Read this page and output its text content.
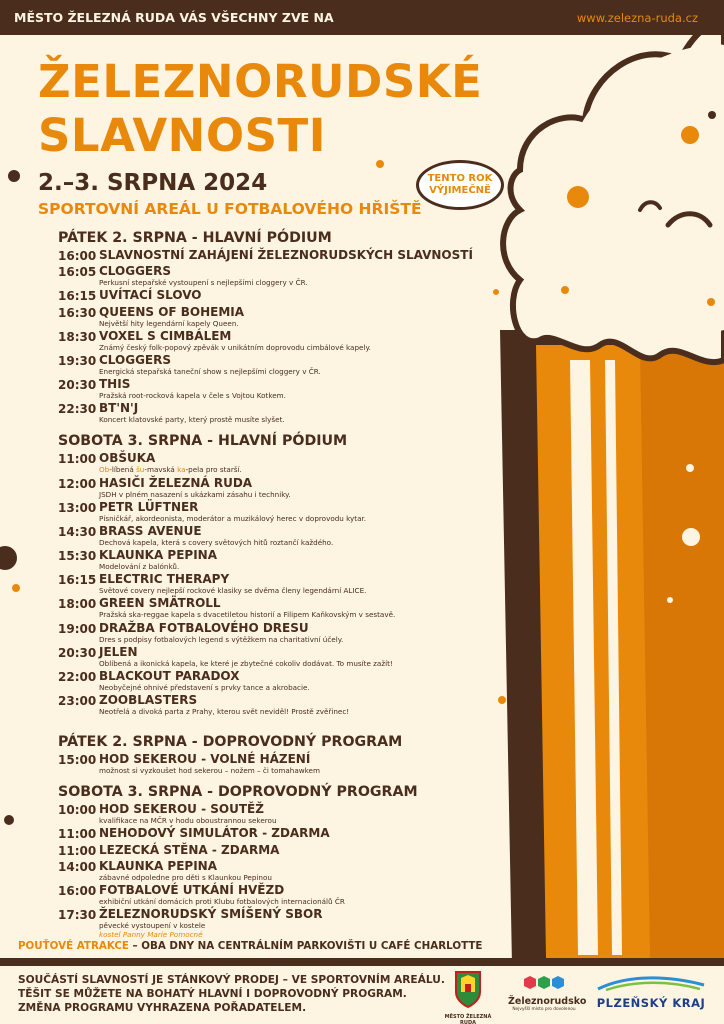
MĚSTO ŽELEZNÁ RUDA VÁS VŠECHNY ZVE NA	www.zelezna-ruda.cz
ŽELEZNORUDSKÉ
SLAVNOSTI
2.–3. SRPNA 2024
SPORTOVNÍ AREÁL U FOTBALOVÉHO HŘIŠTĚ
TENTO ROK
VÝJIMEČNĚ
PÁTEK 2. SRPNA - HLAVNÍ PÓDIUM
16:00 SLAVNOSTNÍ ZAHÁJENÍ ŽELEZNORUDSKÝCH SLAVNOSTÍ
16:05 CLOGGERS
Perkusní stepařské vystoupení s nejlepšími cloggery v ČR.
16:15 UVÍTACÍ SLOVO
16:30 QUEENS OF BOHEMIA
Největší hity legendární kapely Queen.
18:30 VOXEL S CIMBÁLEM
Známý český folk-popový zpěvák v unikátním doprovodu cimbálové kapely.
19:30 CLOGGERS
Energická stepařská taneční show s nejlepšími cloggery v ČR.
20:30 THIS
Pražská root-rocková kapela v čele s Vojtou Kotkem.
22:30 BT'N'J
Koncert klatovské party, který prostě musíte slyšet.
SOBOTA 3. SRPNA - HLAVNÍ PÓDIUM
11:00 OBŠUKA
Ob-líbená šu-mavská ka-pela pro starší.
12:00 HASIČI ŽELEZNÁ RUDA
JSDH v plném nasazení s ukázkami zásahu i techniky.
13:00 PETR LÜFTNER
Písničkář, akordeonista, moderátor a muzikálový herec v doprovodu kytar.
14:30 BRASS AVENUE
Dechová kapela, která s covery světových hitů roztančí každého.
15:30 KLAUNKA PEPINA
Modelování z balónků.
16:15 ELECTRIC THERAPY
Světové covery nejlepší rockové klasiky se dvěma členy legendární ALICE.
18:00 GREEN SMÄTROLL
Pražská ska-reggae kapela s dvacetiletou historií a Filipem Kaňkovským v sestavě.
19:00 DRAŽBA FOTBALOVÉHO DRESU
Dres s podpisy fotbalových legend s výtěžkem na charitativní účely.
20:30 JELEN
Oblíbená a ikonická kapela, ke které je zbytečné cokoliv dodávat. To musíte zažít!
22:00 BLACKOUT PARADOX
Neobyčejné ohnivé představení s prvky tance a akrobacie.
23:00 ZOOBLASTERS
Neotřelá a divoká parta z Prahy, kterou svět neviděl! Prostě zvěřinec!
PÁTEK 2. SRPNA - DOPROVODNÝ PROGRAM
15:00 HOD SEKEROU - VOLNÉ HÁZENÍ
možnost si vyzkoušet hod sekerou – nožem – či tomahawkem
SOBOTA 3. SRPNA - DOPROVODNÝ PROGRAM
10:00 HOD SEKEROU - SOUTĚŽ
kvalifikace na MČR v hodu oboustrannou sekerou
11:00 NEHODOVÝ SIMULÁTOR - ZDARMA
11:00 LEZECKÁ STĚNA - ZDARMA
14:00 KLAUNKA PEPINA
zábavné odpoledne pro děti s Klaunkou Pepinou
16:00 FOTBALOVÉ UTKÁNÍ HVĚZD
exhibiční utkání domácích proti Klubu fotbalových internacionálů ČR
17:30 ŽELEZNORUDSKÝ SMÍŠENÝ SBOR
pěvecké vystoupení v kostele
kostel Panny Marie Pomocné
POUŤOVÉ ATRAKCE – OBA DNY NA CENTRÁLNÍM PARKOVIŠTI U CAFÉ CHARLOTTE
SOUČÁSTÍ SLAVNOSTÍ JE STÁNKOVÝ PRODEJ – VE SPORTOVNÍM AREÁLU.
TĚŠIT SE MŮŽETE NA BOHATÝ HLAVNÍ I DOPROVODNÝ PROGRAM.
ZMĚNA PROGRAMU VYHRAZENA POŘADATELEM.
MĚSTO ŽELEZNÁ RUDA
Železnorudsko
Nejvyšší místo pro dovolenou	PLZEŇSKÝ KRAJ
